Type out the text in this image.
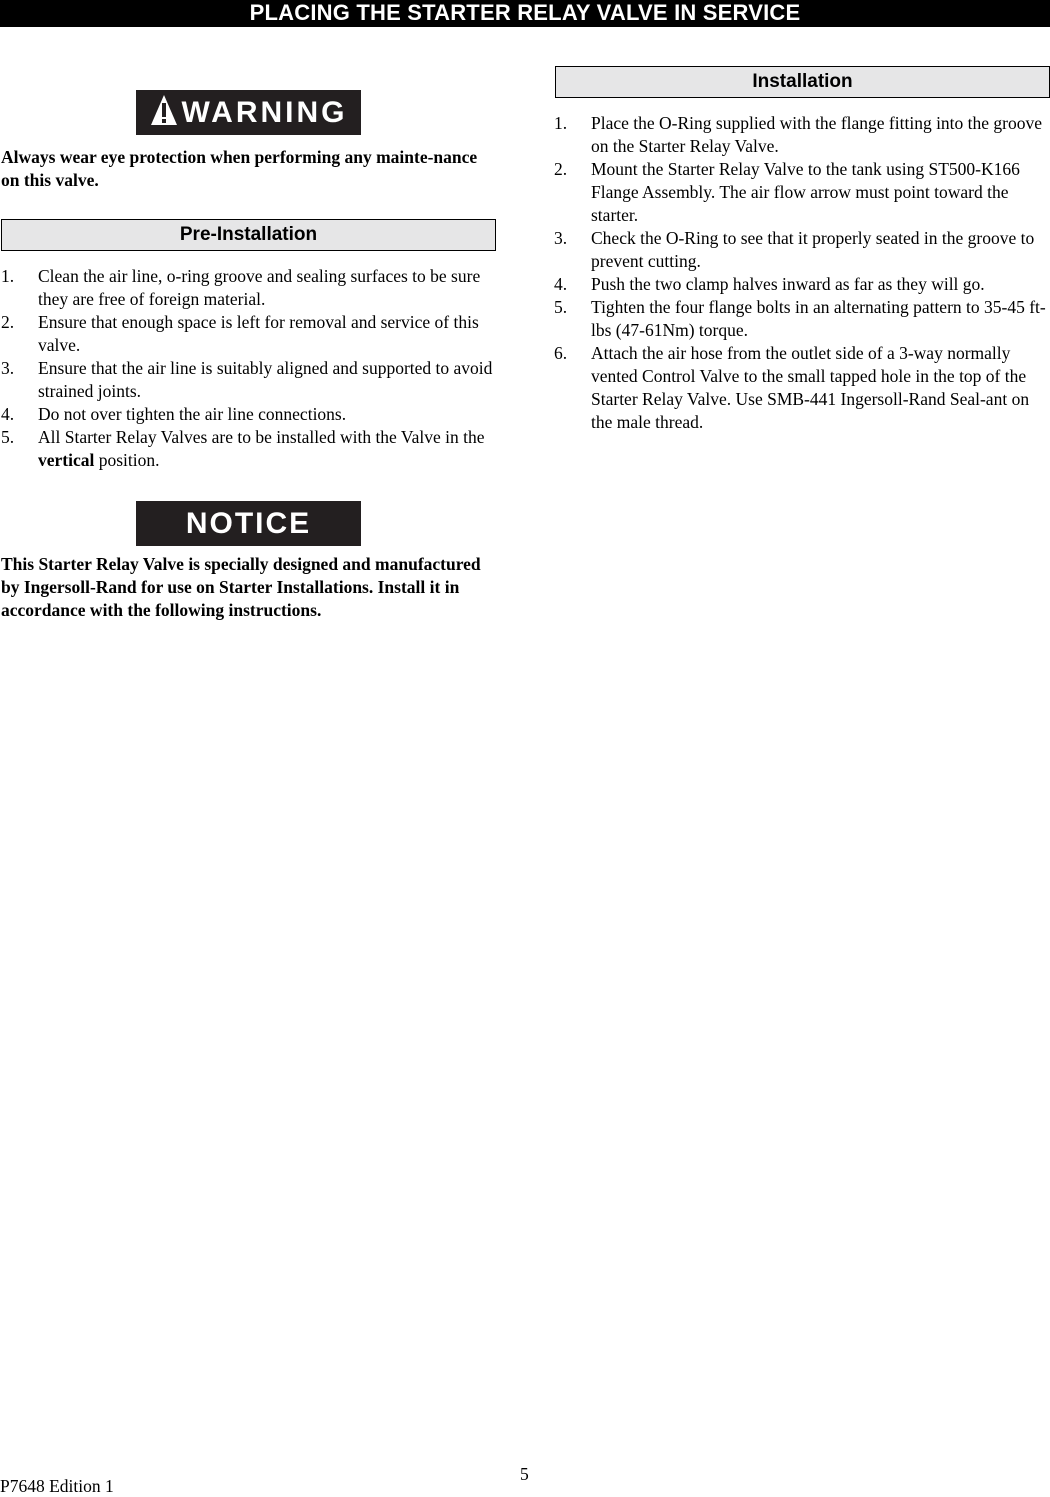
PLACING THE STARTER RELAY VALVE IN SERVICE
WARNING
Always wear eye protection when performing any mainte-nance on this valve.
Pre-Installation
1. Clean the air line, o-ring groove and sealing surfaces to be sure they are free of foreign material.
2. Ensure that enough space is left for removal and service of this valve.
3. Ensure that the air line is suitably aligned and supported to avoid strained joints.
4. Do not over tighten the air line connections.
5. All Starter Relay Valves are to be installed with the Valve in the vertical position.
NOTICE
This Starter Relay Valve is specially designed and manufactured by Ingersoll-Rand for use on Starter Installations. Install it in accordance with the following instructions.
Installation
1. Place the O-Ring supplied with the flange fitting into the groove on the Starter Relay Valve.
2. Mount the Starter Relay Valve to the tank using ST500-K166 Flange Assembly. The air flow arrow must point toward the starter.
3. Check the O-Ring to see that it properly seated in the groove to prevent cutting.
4. Push the two clamp halves inward as far as they will go.
5. Tighten the four flange bolts in an alternating pattern to 35-45 ft-lbs (47-61Nm) torque.
6. Attach the air hose from the outlet side of a 3-way normally vented Control Valve to the small tapped hole in the top of the Starter Relay Valve. Use SMB-441 Ingersoll-Rand Seal-ant on the male thread.
P7648 Edition 1
5
